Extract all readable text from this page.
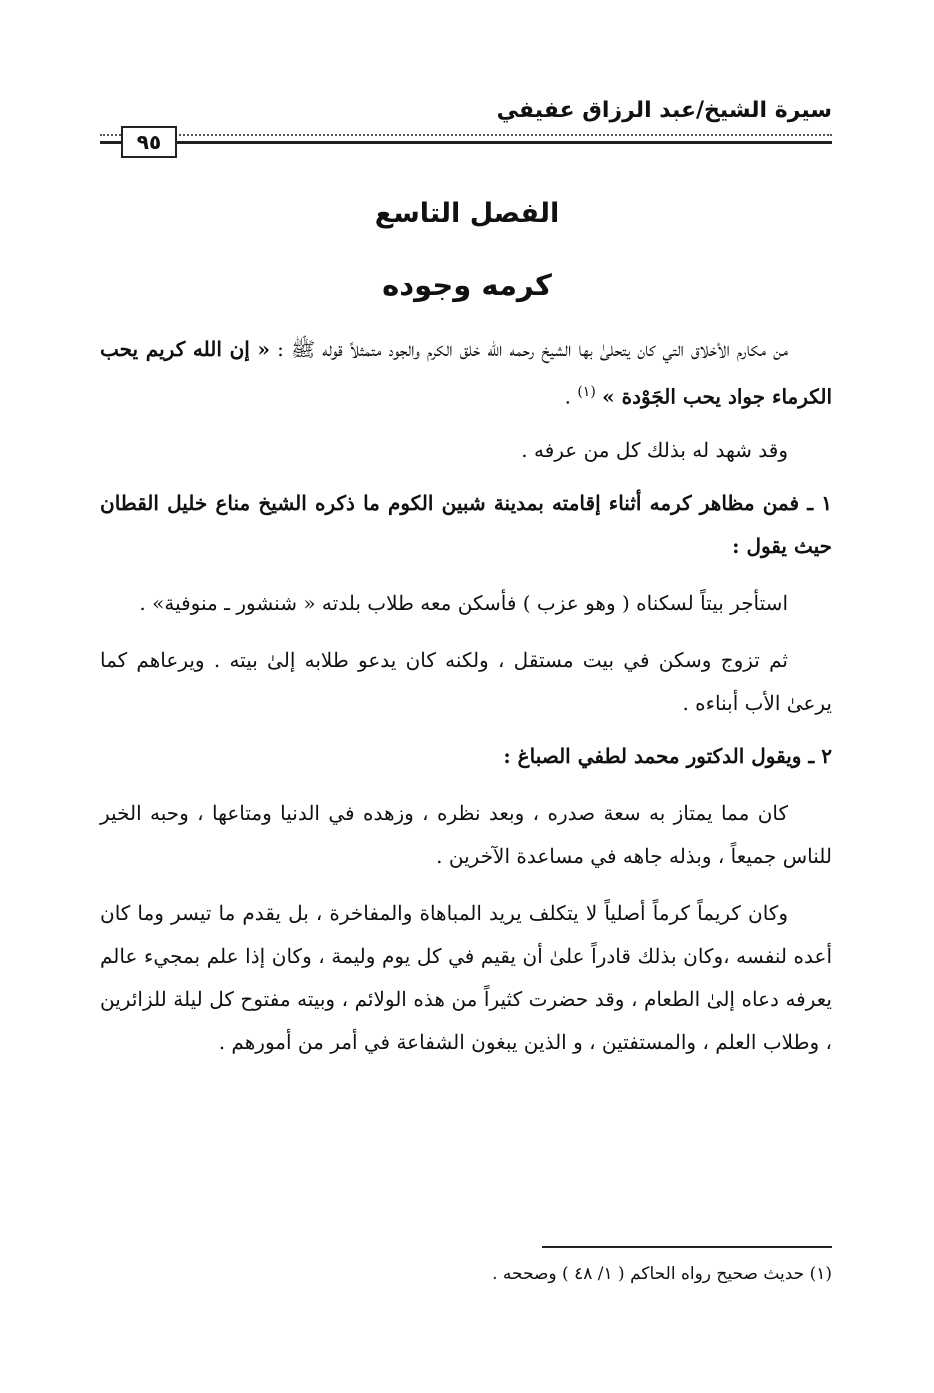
سيرة الشيخ/عبد الرزاق عفيفي
٩٥
الفصل التاسع
كرمه وجوده

من مكارم الأخلاق التي كان يتحلىٰ بها الشيخ رحمه الله خلق الكرم والجود متمثلاً قوله ﷺ : « إن الله كريم يحب الكرماء جواد يحب الجَوْدة » $^{(١)}$ .

وقد شهد له بذلك كل من عرفه .

١ ـ فمن مظاهر كرمه أثناء إقامته بمدينة شبين الكوم ما ذكره الشيخ مناع خليل القطان حيث يقول :

استأجر بيتاً لسكناه ( وهو عزب ) فأسكن معه طلاب بلدته « شنشور ـ منوفية» .

ثم تزوج وسكن في بيت مستقل ، ولكنه كان يدعو طلابه إلىٰ بيته . ويرعاهم كما يرعىٰ الأب أبناءه .

٢ ـ ويقول الدكتور محمد لطفي الصباغ :

كان مما يمتاز به سعة صدره ، وبعد نظره ، وزهده في الدنيا ومتاعها ، وحبه الخير للناس جميعاً ، وبذله جاهه في مساعدة الآخرين .

وكان كريماً كرماً أصلياً لا يتكلف يريد المباهاة والمفاخرة ، بل يقدم ما تيسر وما كان أعده لنفسه ،وكان بذلك قادراً علىٰ أن يقيم في كل يوم وليمة ، وكان إذا علم بمجيء عالم يعرفه دعاه إلىٰ الطعام ، وقد حضرت كثيراً من هذه الولائم ، وبيته مفتوح كل ليلة للزائرين ، وطلاب العلم ، والمستفتين ، و الذين يبغون الشفاعة في أمر من أمورهم .

(١) حديث صحيح رواه الحاكم ( ١/ ٤٨ ) وصححه .
